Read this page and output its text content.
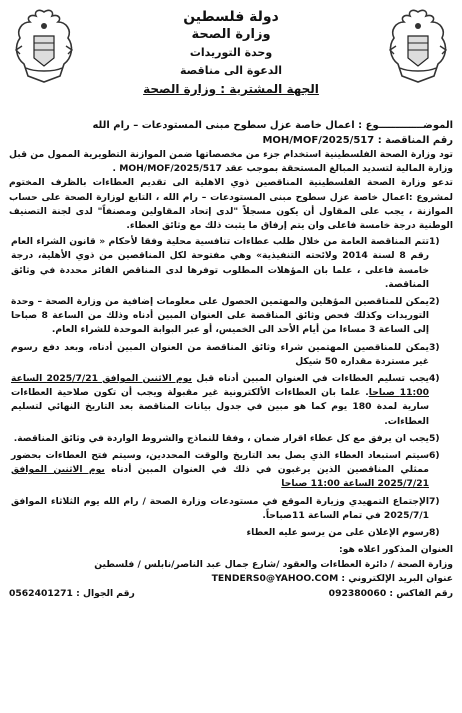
دولة فلسطين
وزارة الصحة
وحدة التوريدات
الدعوة الى مناقصة
الجهة المشترية : وزارة الصحة
الموضـــــــــــــوع : اعمال خاصة عزل سطوح مبنى المستودعات – رام الله
رقم المناقصة : MOH/MOF/2025/517

تود وزارة الصحة الفلسطينية استخدام جزء من مخصصاتها ضمن الموازنة التطويرية الممول من قبل وزارة المالية لتسديد المبالغ المستحقة بموجب عقد MOH/MOF/2025/517 .

تدعو وزارة الصحة الفلسطينية المناقصين ذوي الاهلية الى تقديم العطاءات بالظرف المختوم لمشروع :اعمال خاصة عزل سطوح مبنى المستودعات – رام الله ، التابع لوزارة الصحة على حساب الموازنة ، يجب على المقاول أن يكون مسجلاً "لدى إتحاد المقاولين ومصنفاً" لدى لجنة التصنيف الوطنية درجة خامسة فاعلى وان يتم إرفاق ما يثبت ذلك مع وثائق العطاء.

1)
تتم المناقصة العامة من خلال طلب عطاءات تنافسية محلية وفقا لأحكام « قانون الشراء العام رقم 8 لسنة 2014 ولائحته التنفيذية» وهي مفتوحة لكل المناقصين من ذوي الأهلية، درجة خامسة فاعلى ، علما بان المؤهلات المطلوب توفرها لدى المناقص الفائز محددة في وثائق المناقصة.
2)
يمكن للمناقصين المؤهلين والمهتمين الحصول على معلومات إضافية من وزارة الصحة – وحدة التوريدات وكذلك فحص وثائق المناقصة على العنوان المبين أدناه وذلك من الساعة 8 صباحا إلى الساعة 3 مساءا من أيام الأحد الى الخميس، أو عبر البوابة الموحدة للشراء العام.
3)
يمكن للمناقصين المهتمين شراء وثائق المناقصة من العنوان المبين أدناه، وبعد دفع رسوم غير مستردة مقداره 50 شيكل
4)
يجب تسليم العطاءات في العنوان المبين أدناه قبل يوم الاثنين الموافق 2025/7/21 الساعة 11:00 صباحا. علما بان العطاءات الألكترونية غير مقبولة ويجب أن تكون صلاحية العطاءات سارية لمدة 180 يوم كما هو مبين في جدول بيانات المناقصة بعد التاريخ النهائي لتسليم العطاءات.
5)
يجب ان يرفق مع كل عطاء اقرار ضمان ، وفقا للنماذج والشروط الواردة في وثائق المناقصة.
6)
سيتم استبعاد العطاء الذي يصل بعد التاريخ والوقت المحددين، وسيتم فتح العطاءات بحضور ممثلي المناقصين الذين يرغبون في ذلك في العنوان المبين أدناه يوم الاثنين الموافق 2025/7/21 الساعة 11:00 صباحا
7)
الإجتماع التمهيدي وزيارة الموقع في مستودعات وزارة الصحة / رام الله يوم الثلاثاء الموافق 2025/7/1 في تمام الساعة 11صباحاً.
8)
رسوم الإعلان على من يرسو عليه العطاء
العنوان المذكور اعلاه هو:
وزارة الصحة / دائرة العطاءات والعقود /شارع جمال عبد الناصر/نابلس / فلسطين
عنوان البريد الإلكتروني : TENDERS0@YAHOO.COM
رقم الفاكس : 092380060
رقم الجوال : 0562401271
